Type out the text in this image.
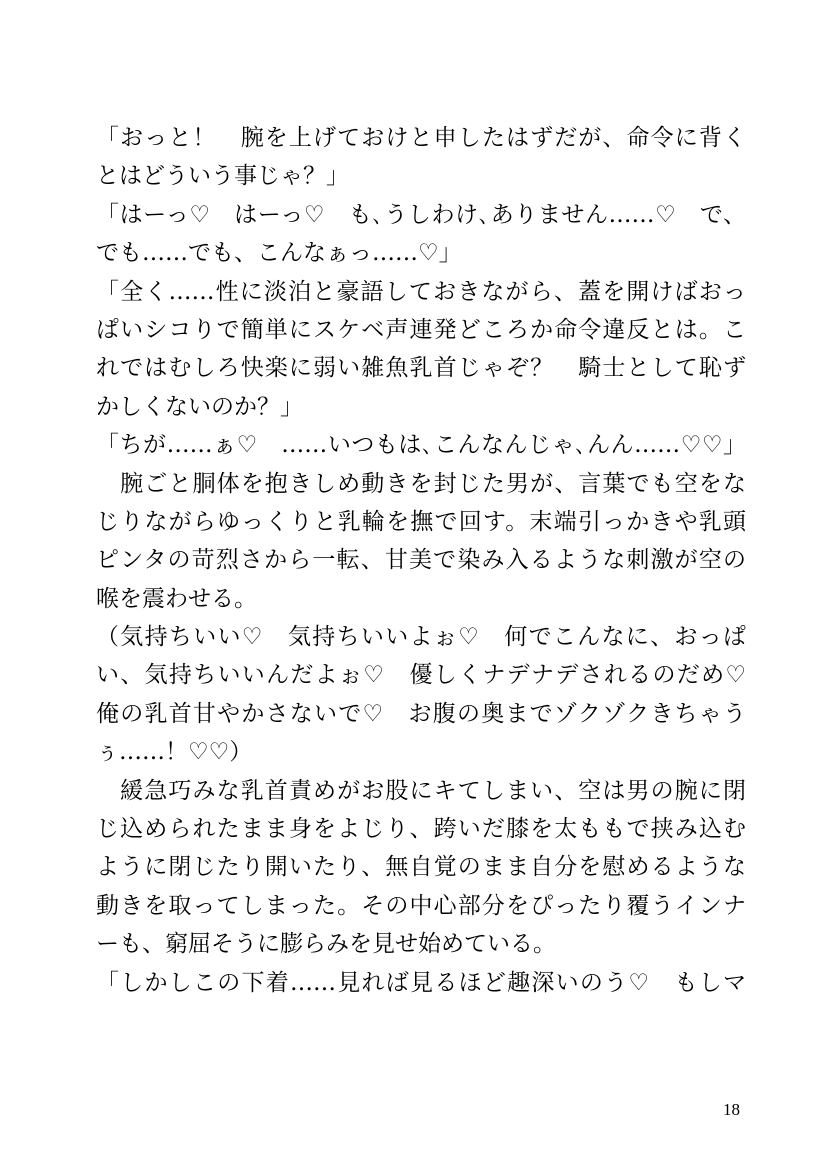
「おっと！　腕を上げておけと申したはずだが、命令に背く
とはどういう事じゃ？」
「はーっ♡　はーっ♡　も､うしわけ､ありません……♡　で、
でも……でも、こんなぁっ……♡」
「全く……性に淡泊と豪語しておきながら、蓋を開けばおっ
ぱいシコりで簡単にスケベ声連発どころか命令違反とは。こ
れではむしろ快楽に弱い雑魚乳首じゃぞ？　騎士として恥ず
かしくないのか？」
「ちが……ぁ♡　……いつもは､こんなんじゃ､んん……♡♡」
　腕ごと胴体を抱きしめ動きを封じた男が、言葉でも空をな
じりながらゆっくりと乳輪を撫で回す。末端引っかきや乳頭
ピンタの苛烈さから一転、甘美で染み入るような刺激が空の
喉を震わせる。
（気持ちいい♡　気持ちいいよぉ♡　何でこんなに、おっぱ
い、気持ちいいんだよぉ♡　優しくナデナデされるのだめ♡
俺の乳首甘やかさないで♡　お腹の奥までゾクゾクきちゃう
ぅ……！♡♡）
　緩急巧みな乳首責めがお股にキてしまい、空は男の腕に閉
じ込められたまま身をよじり、跨いだ膝を太ももで挟み込む
ように閉じたり開いたり、無自覚のまま自分を慰めるような
動きを取ってしまった。その中心部分をぴったり覆うインナ
ーも、窮屈そうに膨らみを見せ始めている。
「しかしこの下着……見れば見るほど趣深いのう♡　もしマ
18
